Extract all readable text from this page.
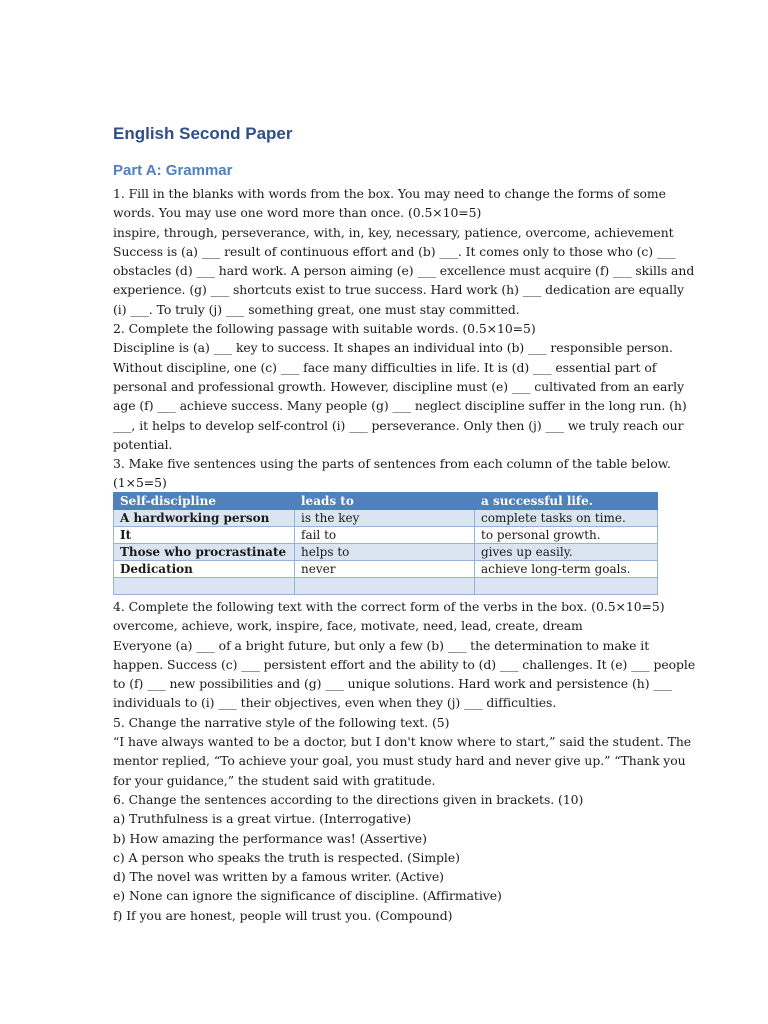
English Second Paper
Part A: Grammar
1. Fill in the blanks with words from the box. You may need to change the forms of some
words. You may use one word more than once. (0.5×10=5)
inspire, through, perseverance, with, in, key, necessary, patience, overcome, achievement
Success is (a) ___ result of continuous effort and (b) ___. It comes only to those who (c) ___
obstacles (d) ___ hard work. A person aiming (e) ___ excellence must acquire (f) ___ skills and
experience. (g) ___ shortcuts exist to true success. Hard work (h) ___ dedication are equally
(i) ___. To truly (j) ___ something great, one must stay committed.
2. Complete the following passage with suitable words. (0.5×10=5)
Discipline is (a) ___ key to success. It shapes an individual into (b) ___ responsible person.
Without discipline, one (c) ___ face many difficulties in life. It is (d) ___ essential part of
personal and professional growth. However, discipline must (e) ___ cultivated from an early
age (f) ___ achieve success. Many people (g) ___ neglect discipline suffer in the long run. (h)
___, it helps to develop self-control (i) ___ perseverance. Only then (j) ___ we truly reach our
potential.
3. Make five sentences using the parts of sentences from each column of the table below.
(1×5=5)
Self-discipline	leads to	a successful life.
A hardworking person	is the key	complete tasks on time.
It	fail to	to personal growth.
Those who procrastinate	helps to	gives up easily.
Dedication	never	achieve long-term goals.

4. Complete the following text with the correct form of the verbs in the box. (0.5×10=5)
overcome, achieve, work, inspire, face, motivate, need, lead, create, dream
Everyone (a) ___ of a bright future, but only a few (b) ___ the determination to make it
happen. Success (c) ___ persistent effort and the ability to (d) ___ challenges. It (e) ___ people
to (f) ___ new possibilities and (g) ___ unique solutions. Hard work and persistence (h) ___
individuals to (i) ___ their objectives, even when they (j) ___ difficulties.
5. Change the narrative style of the following text. (5)
“I have always wanted to be a doctor, but I don't know where to start,” said the student. The
mentor replied, “To achieve your goal, you must study hard and never give up.” “Thank you
for your guidance,” the student said with gratitude.
6. Change the sentences according to the directions given in brackets. (10)
a) Truthfulness is a great virtue. (Interrogative)
b) How amazing the performance was! (Assertive)
c) A person who speaks the truth is respected. (Simple)
d) The novel was written by a famous writer. (Active)
e) None can ignore the significance of discipline. (Affirmative)
f) If you are honest, people will trust you. (Compound)
